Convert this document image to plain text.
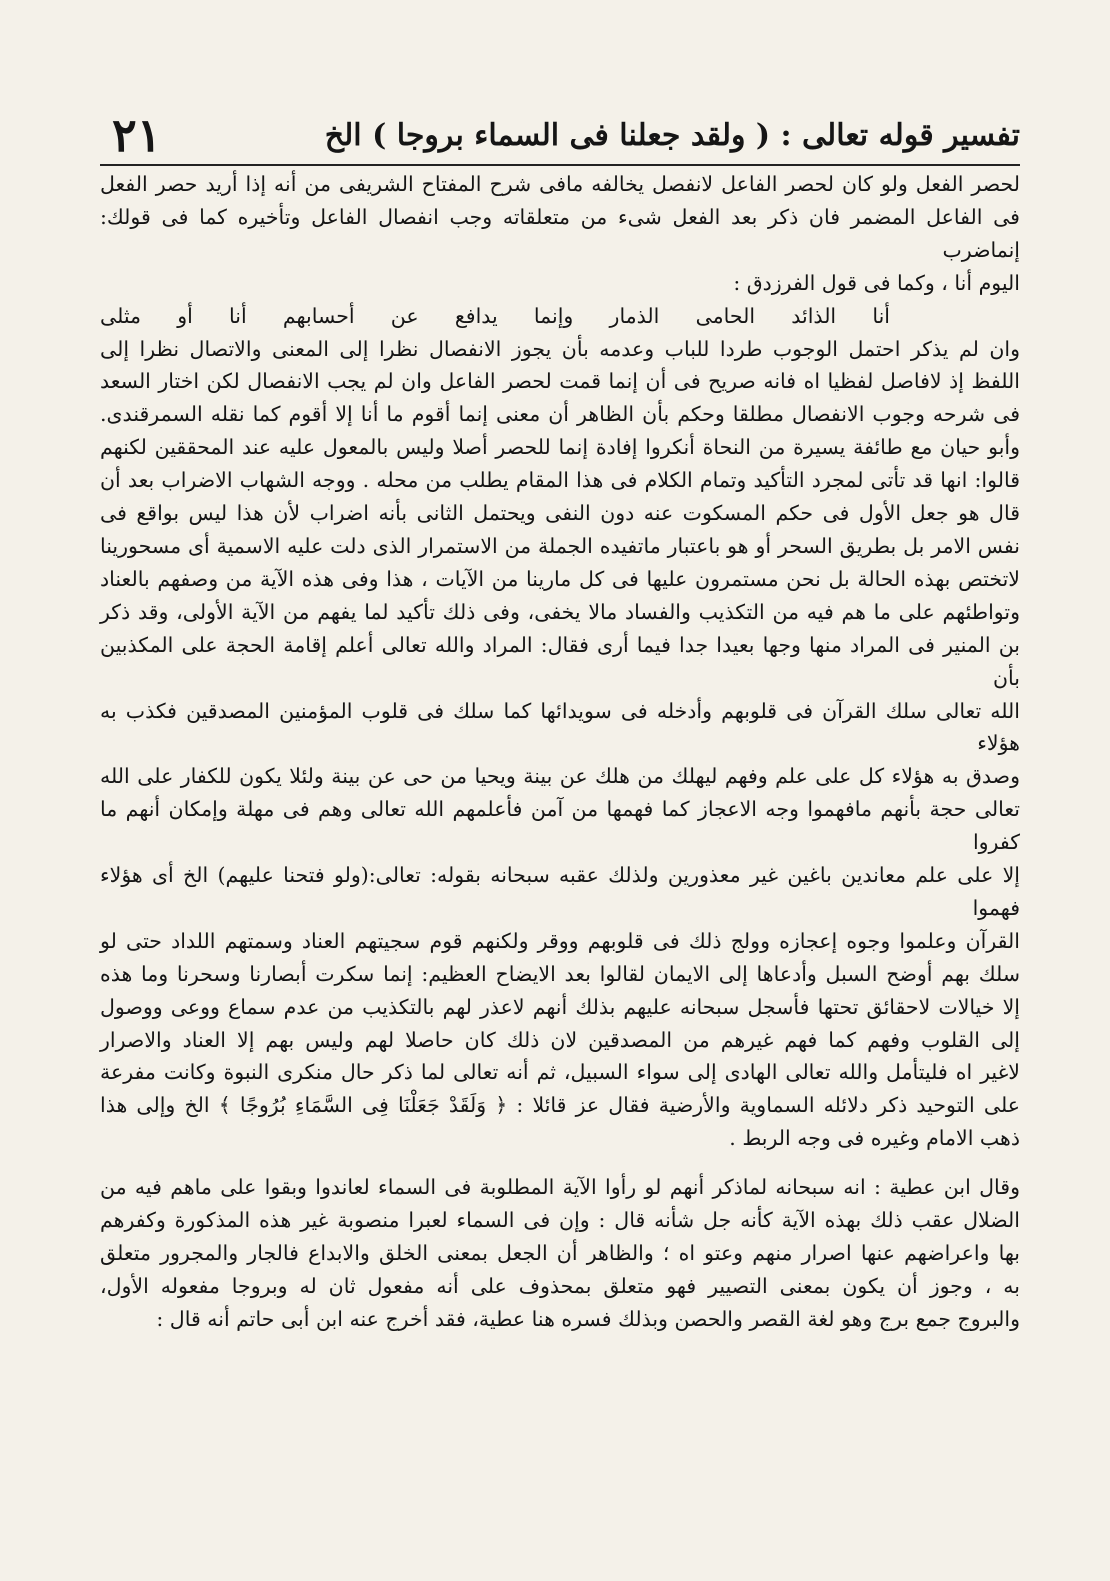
تفسير قوله تعالى : ( ولقد جعلنا فى السماء بروجا ) الخ
٢١

لحصر الفعل ولو كان لحصر الفاعل لانفصل يخالفه مافى شرح المفتاح الشريفى من أنه إذا أريد حصر الفعل

فى الفاعل المضمر فان ذكر بعد الفعل شىء من متعلقاته وجب انفصال الفاعل وتأخيره كما فى قولك: إنماضرب

اليوم أنا ، وكما فى قول الفرزدق :

أنا الذائد الحامى الذمار وإنما يدافع عن أحسابهم أنا أو مثلى

وان لم يذكر احتمل الوجوب طردا للباب وعدمه بأن يجوز الانفصال نظرا إلى المعنى والاتصال نظرا إلى

اللفظ إذ لافاصل لفظيا اه فانه صريح فى أن إنما قمت لحصر الفاعل وان لم يجب الانفصال لكن اختار السعد

فى شرحه وجوب الانفصال مطلقا وحكم بأن الظاهر أن معنى إنما أقوم ما أنا إلا أقوم كما نقله السمرقندى.

وأبو حيان مع طائفة يسيرة من النحاة أنكروا إفادة إنما للحصر أصلا وليس بالمعول عليه عند المحققين لكنهم

قالوا: انها قد تأتى لمجرد التأكيد وتمام الكلام فى هذا المقام يطلب من محله . ووجه الشهاب الاضراب بعد أن

قال هو جعل الأول فى حكم المسكوت عنه دون النفى ويحتمل الثانى بأنه اضراب لأن هذا ليس بواقع فى

نفس الامر بل بطريق السحر أو هو باعتبار ماتفيده الجملة من الاستمرار الذى دلت عليه الاسمية أى مسحورينا

لاتختص بهذه الحالة بل نحن مستمرون عليها فى كل مارينا من الآيات ، هذا وفى هذه الآية من وصفهم بالعناد

وتواطئهم على ما هم فيه من التكذيب والفساد مالا يخفى، وفى ذلك تأكيد لما يفهم من الآية الأولى، وقد ذكر

بن المنير فى المراد منها وجها بعيدا جدا فيما أرى فقال: المراد والله تعالى أعلم إقامة الحجة على المكذبين بأن

الله تعالى سلك القرآن فى قلوبهم وأدخله فى سويدائها كما سلك فى قلوب المؤمنين المصدقين فكذب به هؤلاء

وصدق به هؤلاء كل على علم وفهم ليهلك من هلك عن بينة ويحيا من حى عن بينة ولئلا يكون للكفار على الله

تعالى حجة بأنهم مافهموا وجه الاعجاز كما فهمها من آمن فأعلمهم الله تعالى وهم فى مهلة وإمكان أنهم ما كفروا

إلا على علم معاندين باغين غير معذورين ولذلك عقبه سبحانه بقوله: تعالى:(ولو فتحنا عليهم) الخ أى هؤلاء فهموا

القرآن وعلموا وجوه إعجازه وولج ذلك فى قلوبهم ووقر ولكنهم قوم سجيتهم العناد وسمتهم اللداد حتى لو

سلك بهم أوضح السبل وأدعاها إلى الايمان لقالوا بعد الايضاح العظيم: إنما سكرت أبصارنا وسحرنا وما هذه

إلا خيالات لاحقائق تحتها فأسجل سبحانه عليهم بذلك أنهم لاعذر لهم بالتكذيب من عدم سماع ووعى ووصول

إلى القلوب وفهم كما فهم غيرهم من المصدقين لان ذلك كان حاصلا لهم وليس بهم إلا العناد والاصرار

لاغير اه فليتأمل والله تعالى الهادى إلى سواء السبيل، ثم أنه تعالى لما ذكر حال منكرى النبوة وكانت مفرعة

على التوحيد ذكر دلائله السماوية والأرضية فقال عز قائلا : ﴿ وَلَقَدْ جَعَلْنَا فِى السَّمَاءِ بُرُوجًا ﴾ الخ وإلى هذا

ذهب الامام وغيره فى وجه الربط .

وقال ابن عطية : انه سبحانه لماذكر أنهم لو رأوا الآية المطلوبة فى السماء لعاندوا وبقوا على ماهم فيه من

الضلال عقب ذلك بهذه الآية كأنه جل شأنه قال : وإن فى السماء لعبرا منصوبة غير هذه المذكورة وكفرهم

بها واعراضهم عنها اصرار منهم وعتو اه ؛ والظاهر أن الجعل بمعنى الخلق والابداع فالجار والمجرور متعلق

به ، وجوز أن يكون بمعنى التصيير فهو متعلق بمحذوف على أنه مفعول ثان له وبروجا مفعوله الأول،

والبروج جمع برج وهو لغة القصر والحصن وبذلك فسره هنا عطية، فقد أخرج عنه ابن أبى حاتم أنه قال :
